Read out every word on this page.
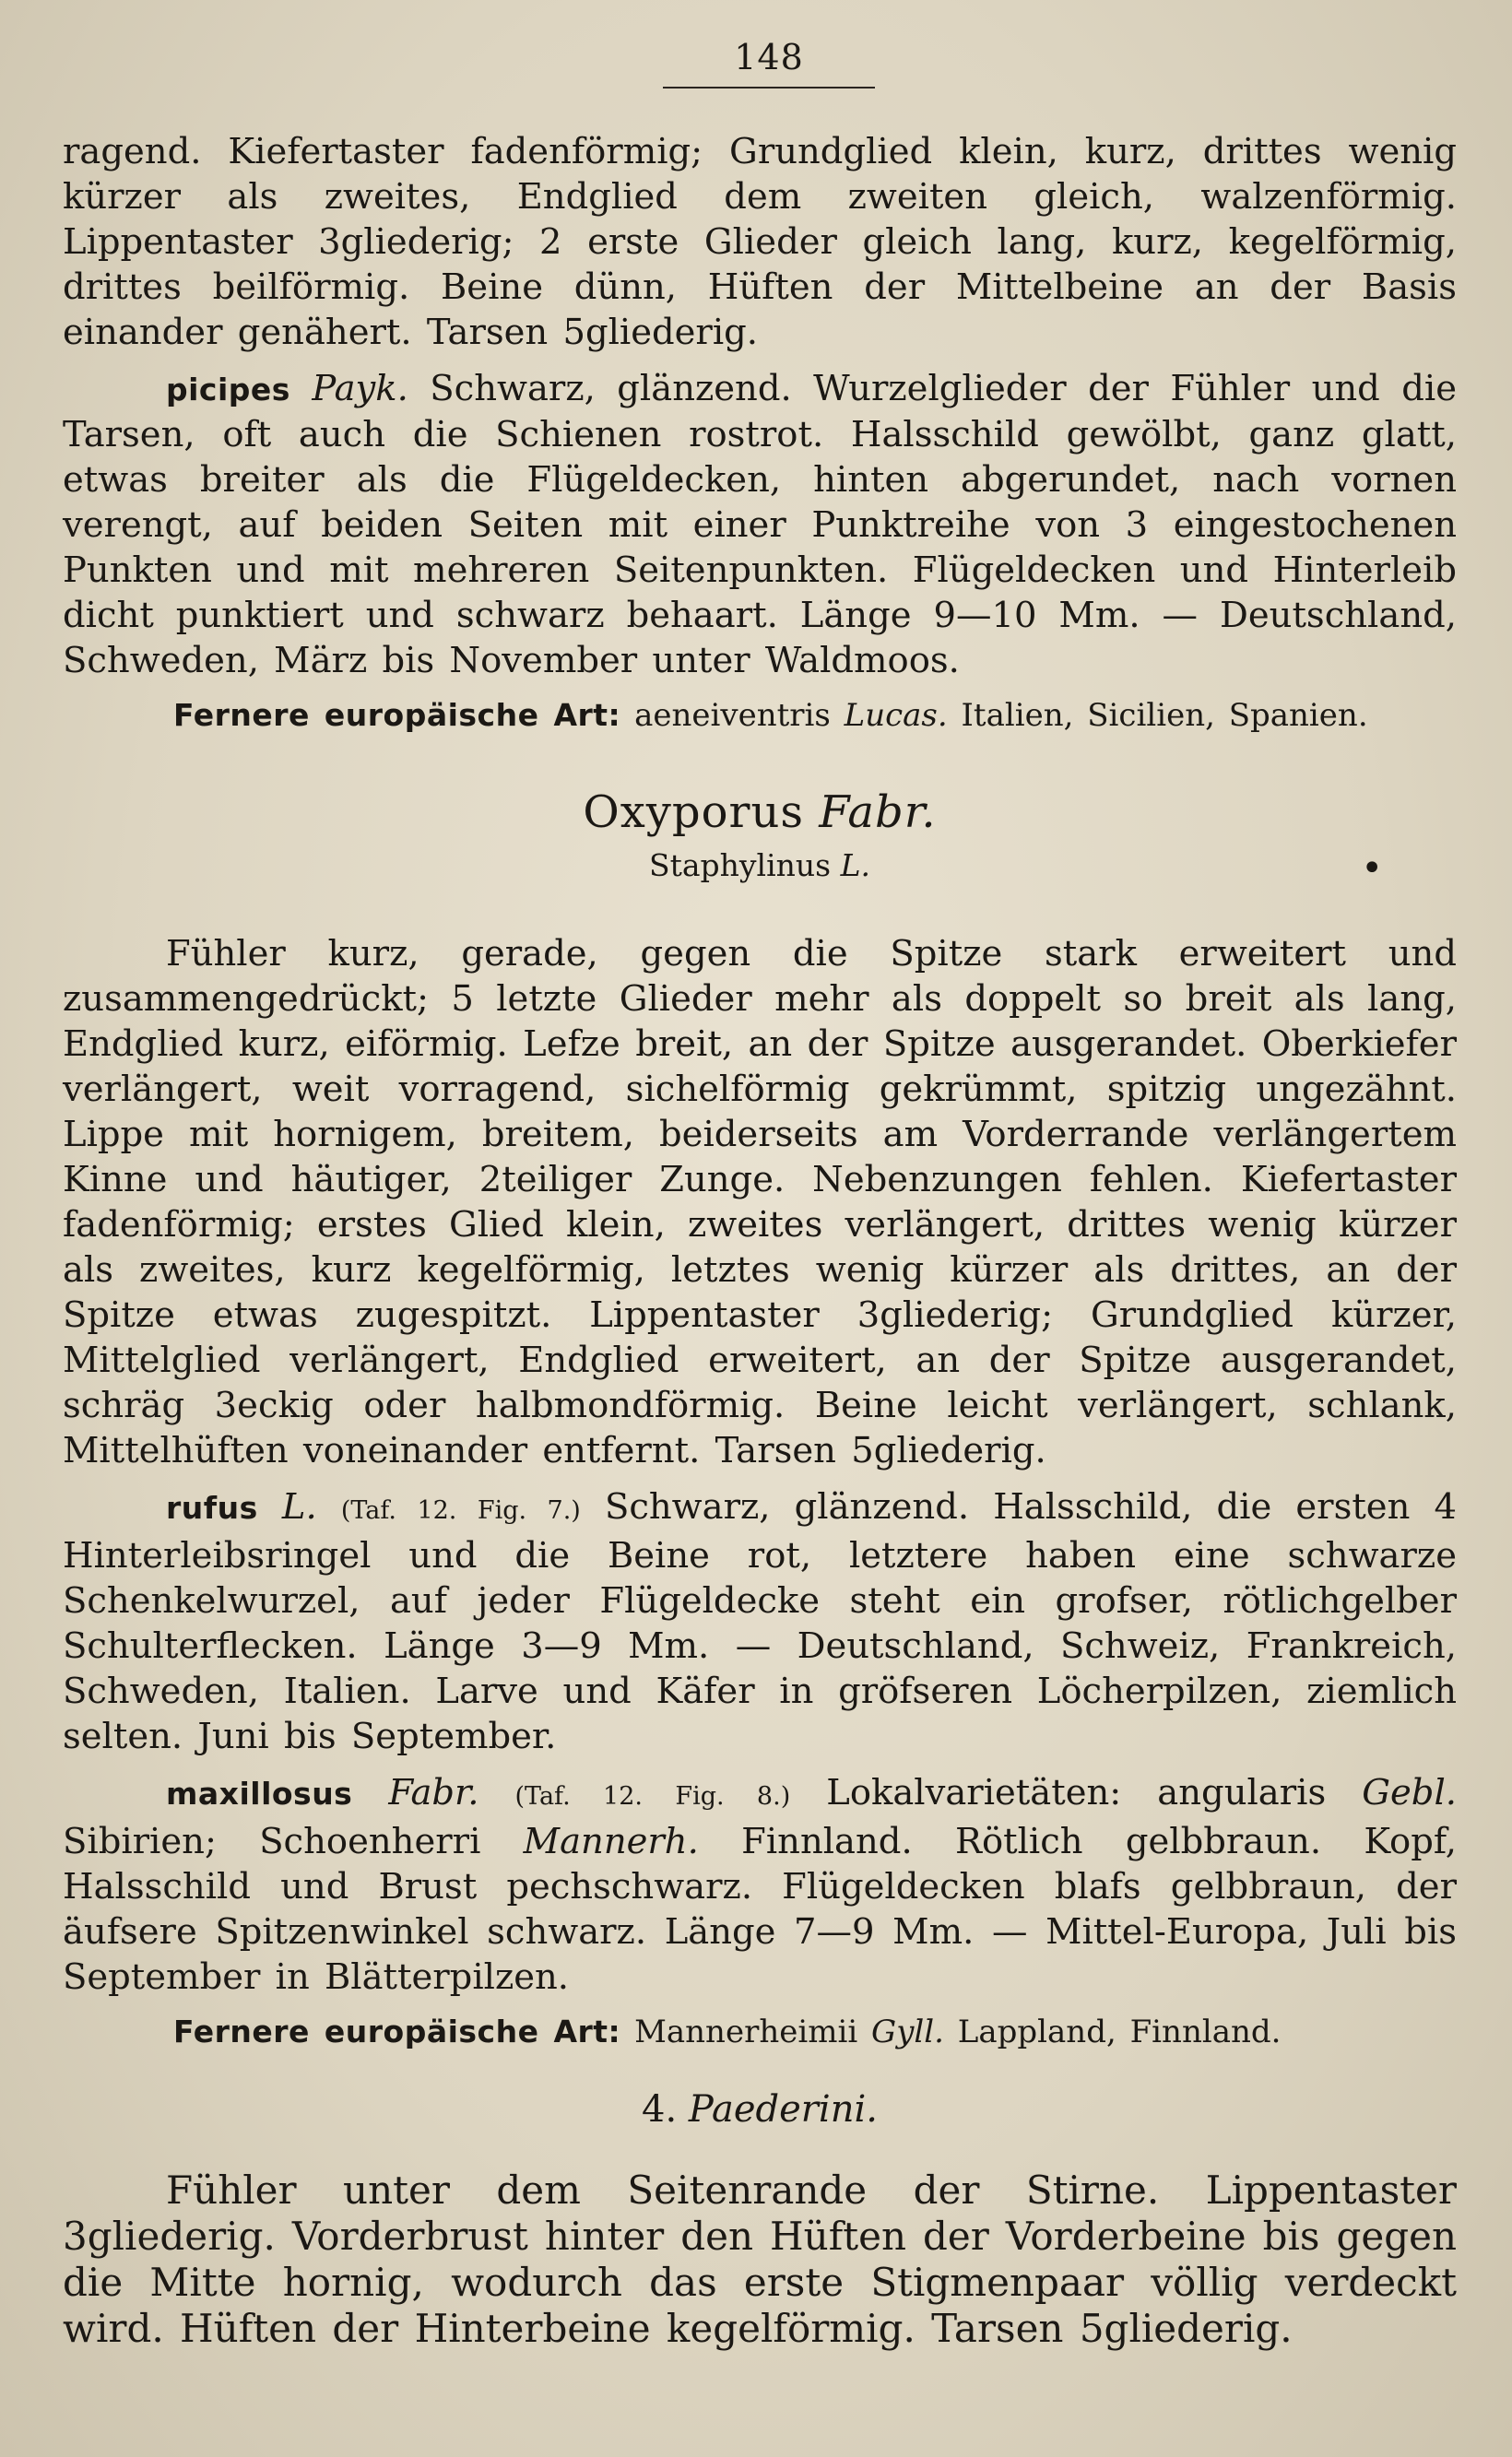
148

ragend. Kiefertaster fadenförmig; Grundglied klein, kurz, drittes wenig kürzer als zweites, Endglied dem zweiten gleich, walzenförmig. Lippentaster 3gliederig; 2 erste Glieder gleich lang, kurz, kegelförmig, drittes beilförmig. Beine dünn, Hüften der Mittelbeine an der Basis einander genähert. Tarsen 5gliederig.

picipes Payk. Schwarz, glänzend. Wurzelglieder der Fühler und die Tarsen, oft auch die Schienen rostrot. Halsschild gewölbt, ganz glatt, etwas breiter als die Flügeldecken, hinten abgerundet, nach vornen verengt, auf beiden Seiten mit einer Punktreihe von 3 eingestochenen Punkten und mit mehreren Seitenpunkten. Flügeldecken und Hinterleib dicht punktiert und schwarz behaart. Länge 9—10 Mm. — Deutschland, Schweden, März bis November unter Waldmoos.

Fernere europäische Art: aeneiventris Lucas. Italien, Sicilien, Spanien.

Oxyporus Fabr.
Staphylinus L.	•

Fühler kurz, gerade, gegen die Spitze stark erweitert und zusammengedrückt; 5 letzte Glieder mehr als doppelt so breit als lang, Endglied kurz, eiförmig. Lefze breit, an der Spitze ausgerandet. Oberkiefer verlängert, weit vorragend, sichelförmig gekrümmt, spitzig ungezähnt. Lippe mit hornigem, breitem, beiderseits am Vorderrande verlängertem Kinne und häutiger, 2teiliger Zunge. Nebenzungen fehlen. Kiefertaster fadenförmig; erstes Glied klein, zweites verlängert, drittes wenig kürzer als zweites, kurz kegelförmig, letztes wenig kürzer als drittes, an der Spitze etwas zugespitzt. Lippentaster 3gliederig; Grundglied kürzer, Mittelglied verlängert, Endglied erweitert, an der Spitze ausgerandet, schräg 3eckig oder halbmondförmig. Beine leicht verlängert, schlank, Mittelhüften voneinander entfernt. Tarsen 5gliederig.

rufus L. (Taf. 12. Fig. 7.) Schwarz, glänzend. Halsschild, die ersten 4 Hinterleibsringel und die Beine rot, letztere haben eine schwarze Schenkelwurzel, auf jeder Flügeldecke steht ein grofser, rötlichgelber Schulterflecken. Länge 3—9 Mm. — Deutschland, Schweiz, Frankreich, Schweden, Italien. Larve und Käfer in gröfseren Löcherpilzen, ziemlich selten. Juni bis September.

maxillosus Fabr. (Taf. 12. Fig. 8.) Lokalvarietäten: angularis Gebl. Sibirien; Schoenherri Mannerh. Finnland. Rötlich gelbbraun. Kopf, Halsschild und Brust pechschwarz. Flügeldecken blafs gelbbraun, der äufsere Spitzenwinkel schwarz. Länge 7—9 Mm. — Mittel-Europa, Juli bis September in Blätterpilzen.

Fernere europäische Art: Mannerheimii Gyll. Lappland, Finnland.

4. Paederini.

Fühler unter dem Seitenrande der Stirne. Lippentaster 3gliederig. Vorderbrust hinter den Hüften der Vorderbeine bis gegen die Mitte hornig, wodurch das erste Stigmenpaar völlig verdeckt wird. Hüften der Hinterbeine kegelförmig. Tarsen 5gliederig.
